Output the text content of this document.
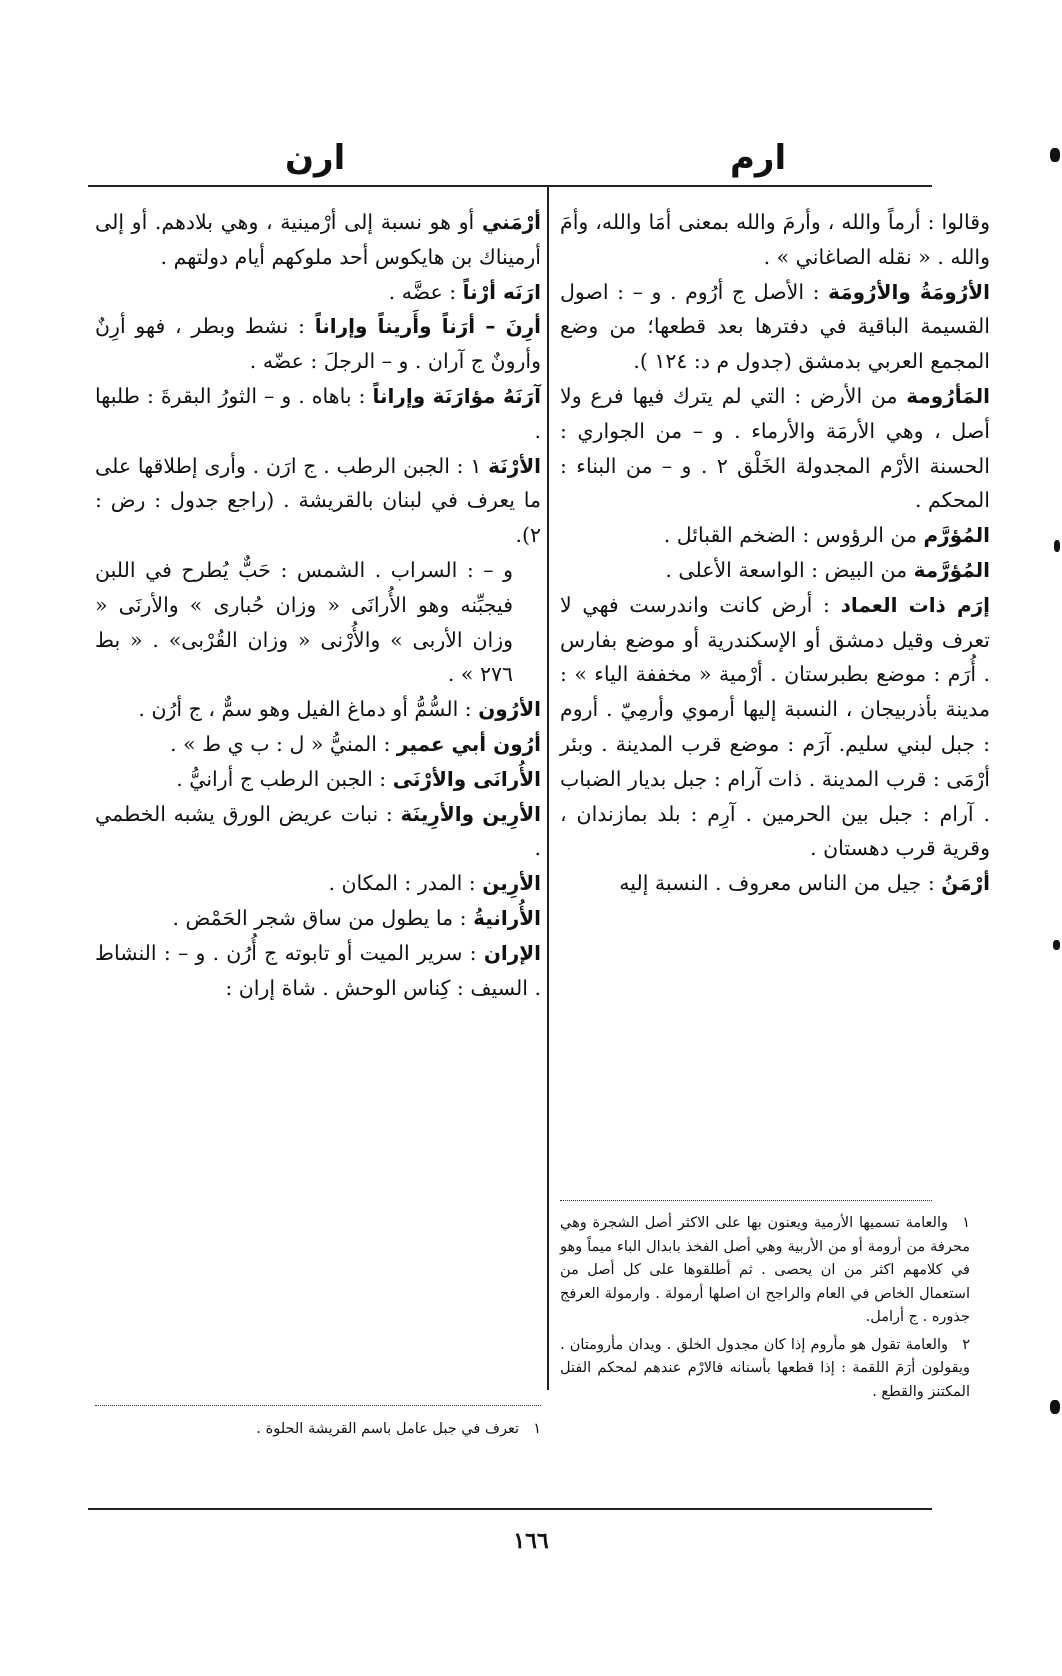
ارم
ارن

وقالوا : أرماً والله ، وأرمَ والله بمعنى أمَا والله، وأمَ والله . « نقله الصاغاني » .

الأرُومَةُ والأرُومَة : الأصل ج أرُوم . و – : اصول القسيمة الباقية في دفترها بعد قطعها؛ من وضع المجمع العربي بدمشق (جدول م د: ١٢٤ ).

المَأرُومة من الأرض : التي لم يترك فيها فرع ولا أصل ، وهي الأرمَة والأرماء . و – من الجواري : الحسنة الأرْم المجدولة الخَلْق ٢ . و – من البناء : المحكم .

المُؤرَّم من الرؤوس : الضخم القبائل .

المُؤرَّمة من البيض : الواسعة الأعلى .

إرَم ذات العماد : أرض كانت واندرست فهي لا تعرف وقيل دمشق أو الإسكندرية أو موضع بفارس . أُرَم : موضع بطبرستان . أرْمية « مخففة الياء » : مدينة بأذربيجان ، النسبة إليها أرموي وأرمِيّ . أروم : جبل لبني سليم. آرَم : موضع قرب المدينة . وبئر أرْمَى : قرب المدينة . ذات آرام : جبل بديار الضباب . آرام : جبل بين الحرمين . آرِم : بلد بمازندان ، وقرية قرب دهستان .

أرْمَنُ : جيل من الناس معروف . النسبة إليه

أرْمَني أو هو نسبة إلى أرْمينية ، وهي بلادهم. أو إلى أرميناك بن هايكوس أحد ملوكهم أيام دولتهم .

ارَنَه أرْناً : عضَّه .

أرِنَ – أرَناً وأَريناً وإراناً : نشط وبطر ، فهو أرِنٌ وأرونٌ ج آران . و – الرجلَ : عضّه .

آرَنَهُ مؤارَنَة وإراناً : باهاه . و – الثورُ البقرةَ : طلبها .

الأرْنَة ١ : الجبن الرطب . ج ارَن . وأرى إطلاقها على ما يعرف في لبنان بالقريشة . (راجع جدول : رض : ٢).

و – : السراب . الشمس : حَبٌّ يُطرح في اللبن فيجبِّنه وهو الأُرانَى « وزان حُبارى » والأرنَى « وزان الأربى » والأُرْنى « وزان القُرْبى» . « بط ٢٧٦ » .

الأرُون : السُّمُّ أو دماغ الفيل وهو سمٌّ ، ج أرُن .

أرُون أبي عمير : المنيُّ « ل : ب ي ط » .

الأُرانَى والأرْنَى : الجبن الرطب ج أرانيُّ .

الأرِين والأرِينَة : نبات عريض الورق يشبه الخطمي .

الأرِين : المدر : المكان .

الأُرانيةُ : ما يطول من ساق شجر الحَمْض .

الإران : سرير الميت أو تابوته ج أُرُن . و – : النشاط . السيف : كِناس الوحش . شاة إران :

١والعامة تسميها الأرمية ويعنون بها على الاكثر أصل الشجرة وهي محرفة من أرومة أو من الأربية وهي أصل الفخذ بابدال الباء ميماً وهو في كلامهم اكثر من ان يحصى . ثم أطلقوها على كل أصل من استعمال الخاص في العام والراجح ان اصلها أرمولة . وارمولة العرفج جذوره . ج أرامل.

٢والعامة تقول هو مأروم إذا كان مجدول الخلق . ويدان مأرومتان . ويقولون أرَمَ اللقمة : إذا قطعها بأسنانه فالارْم عندهم لمحكم الفتل المكتنز والقطع .

١تعرف في جبل عامل باسم القريشة الحلوة .

١٦٦
